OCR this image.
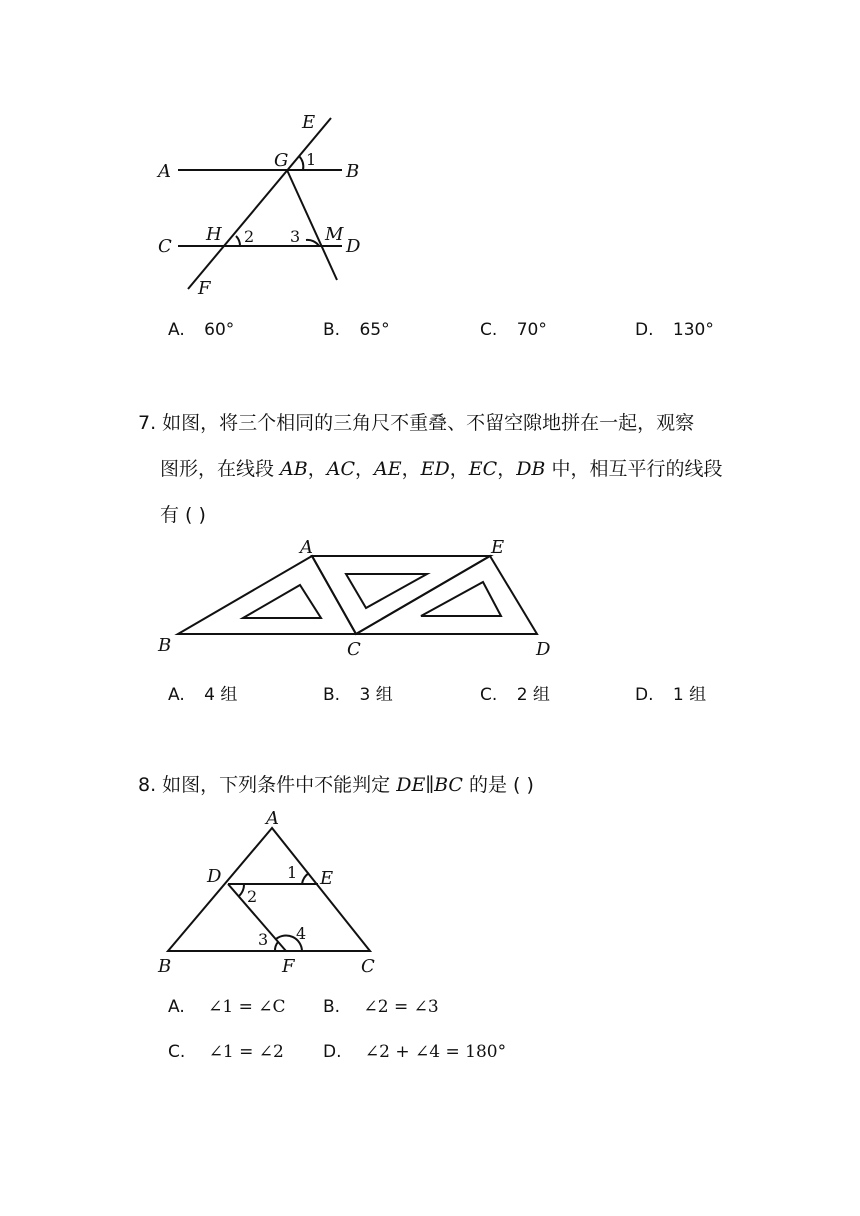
E
A
G 1
B
C
H 2 3 M
D
F
A. 60°	B. 65°	C. 70°	D. 130°
7. 如图，将三个相同的三角尺不重叠、不留空隙地拼在一起，观察
图形，在线段 AB，AC，AE，ED，EC，DB 中，相互平行的线段
有 ( )
A	E
B	C	D
A. 4 组	B. 3 组	C. 2 组	D. 1 组
8. 如图，下列条件中不能判定 DE∥BC 的是 ( )
A
D	1 E
2
3 4
B	F	C
A. ∠1 = ∠C B. ∠2 = ∠3
C. ∠1 = ∠2 D. ∠2 + ∠4 = 180°
